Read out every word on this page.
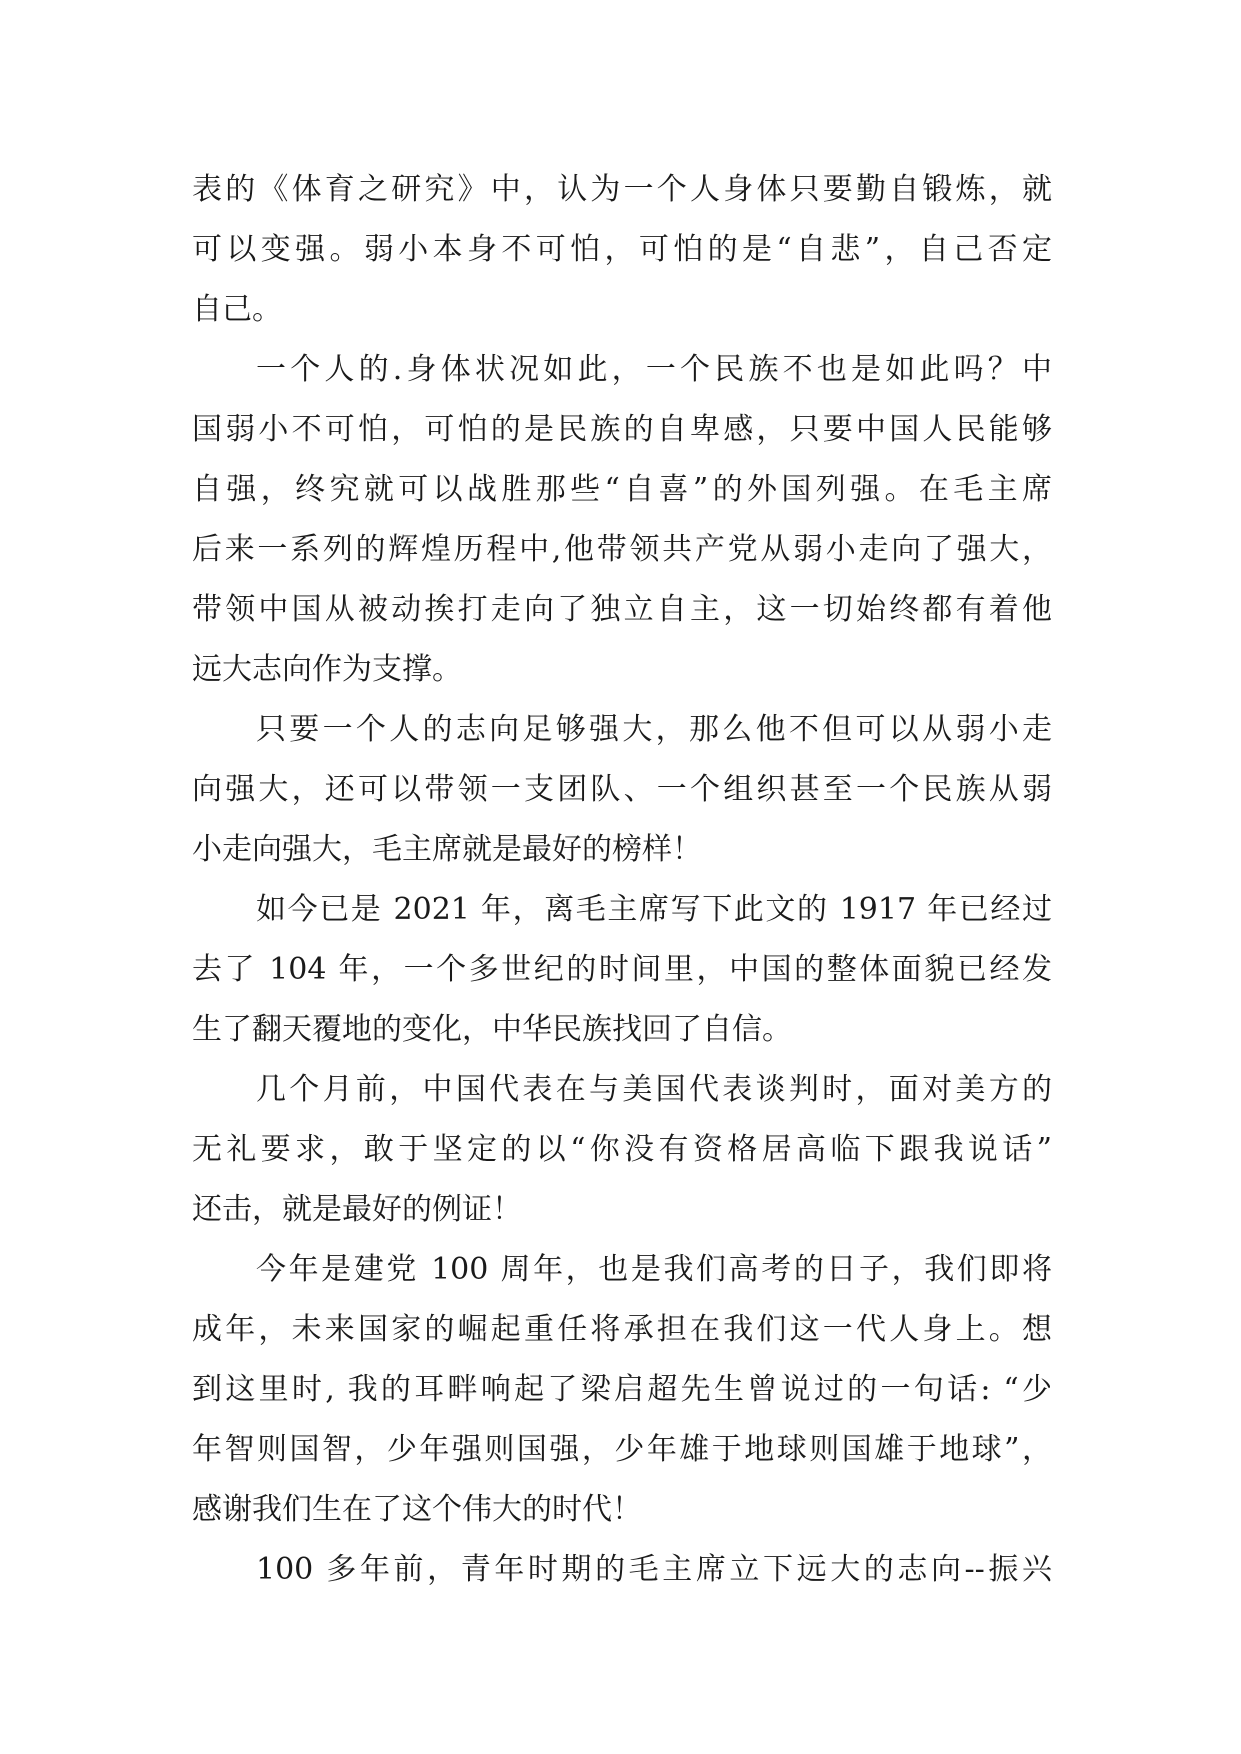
表的《体育之研究》中，认为一个人身体只要勤自锻炼，就
可以变强。弱小本身不可怕，可怕的是“自悲”，自己否定
自己。
一个人的.身体状况如此，一个民族不也是如此吗？中
国弱小不可怕，可怕的是民族的自卑感，只要中国人民能够
自强，终究就可以战胜那些“自喜”的外国列强。在毛主席
后来一系列的辉煌历程中,他带领共产党从弱小走向了强大，
带领中国从被动挨打走向了独立自主，这一切始终都有着他
远大志向作为支撑。
只要一个人的志向足够强大，那么他不但可以从弱小走
向强大，还可以带领一支团队、一个组织甚至一个民族从弱
小走向强大，毛主席就是最好的榜样！
如今已是 2021 年，离毛主席写下此文的 1917 年已经过
去了 104 年，一个多世纪的时间里，中国的整体面貌已经发
生了翻天覆地的变化，中华民族找回了自信。
几个月前，中国代表在与美国代表谈判时，面对美方的
无礼要求，敢于坚定的以“你没有资格居高临下跟我说话”
还击，就是最好的例证！
今年是建党 100 周年，也是我们高考的日子，我们即将
成年，未来国家的崛起重任将承担在我们这一代人身上。想
到这里时, 我的耳畔响起了梁启超先生曾说过的一句话: “少
年智则国智，少年强则国强，少年雄于地球则国雄于地球”，
感谢我们生在了这个伟大的时代！
100 多年前，青年时期的毛主席立下远大的志向--振兴
